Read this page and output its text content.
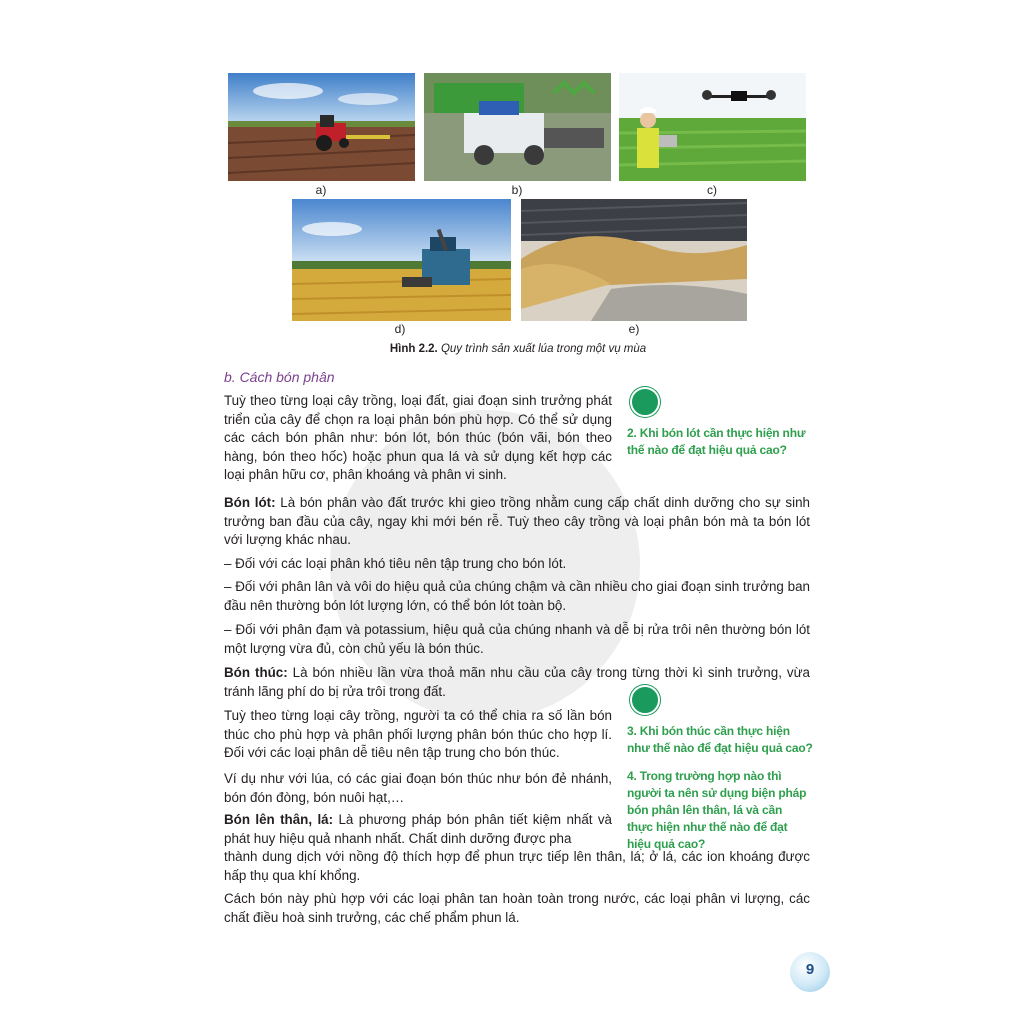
a)	b)	c)
d)	e)
Hình 2.2. Quy trình sản xuất lúa trong một vụ mùa
b. Cách bón phân
Tuỳ theo từng loại cây trồng, loại đất, giai đoạn sinh trưởng phát triển của cây để chọn ra loại phân bón phù hợp. Có thể sử dụng các cách bón phân như: bón lót, bón thúc (bón vãi, bón theo hàng, bón theo hốc) hoặc phun qua lá và sử dụng kết hợp các loại phân hữu cơ, phân khoáng và phân vi sinh.
Bón lót: Là bón phân vào đất trước khi gieo trồng nhằm cung cấp chất dinh dưỡng cho sự sinh trưởng ban đầu của cây, ngay khi mới bén rễ. Tuỳ theo cây trồng và loại phân bón mà ta bón lót với lượng khác nhau.
– Đối với các loại phân khó tiêu nên tập trung cho bón lót.
– Đối với phân lân và vôi do hiệu quả của chúng chậm và cần nhiều cho giai đoạn sinh trưởng ban đầu nên thường bón lót lượng lớn, có thể bón lót toàn bộ.
– Đối với phân đạm và potassium, hiệu quả của chúng nhanh và dễ bị rửa trôi nên thường bón lót một lượng vừa đủ, còn chủ yếu là bón thúc.
Bón thúc: Là bón nhiều lần vừa thoả mãn nhu cầu của cây trong từng thời kì sinh trưởng, vừa tránh lãng phí do bị rửa trôi trong đất.
Tuỳ theo từng loại cây trồng, người ta có thể chia ra số lần bón thúc cho phù hợp và phân phối lượng phân bón thúc cho hợp lí. Đối với các loại phân dễ tiêu nên tập trung cho bón thúc.
Ví dụ như với lúa, có các giai đoạn bón thúc như bón đẻ nhánh, bón đón đòng, bón nuôi hạt,…
Bón lên thân, lá: Là phương pháp bón phân tiết kiệm nhất và phát huy hiệu quả nhanh nhất. Chất dinh dưỡng được pha
thành dung dịch với nồng độ thích hợp để phun trực tiếp lên thân, lá; ở lá, các ion khoáng được hấp thụ qua khí khổng.
Cách bón này phù hợp với các loại phân tan hoàn toàn trong nước, các loại phân vi lượng, các chất điều hoà sinh trưởng, các chế phẩm phun lá.
2. Khi bón lót cần thực hiện như thế nào để đạt hiệu quả cao?
3. Khi bón thúc cần thực hiện như thế nào để đạt hiệu quả cao?
4. Trong trường hợp nào thì người ta nên sử dụng biện pháp bón phân lên thân, lá và cần thực hiện như thế nào để đạt hiệu quả cao?
9
